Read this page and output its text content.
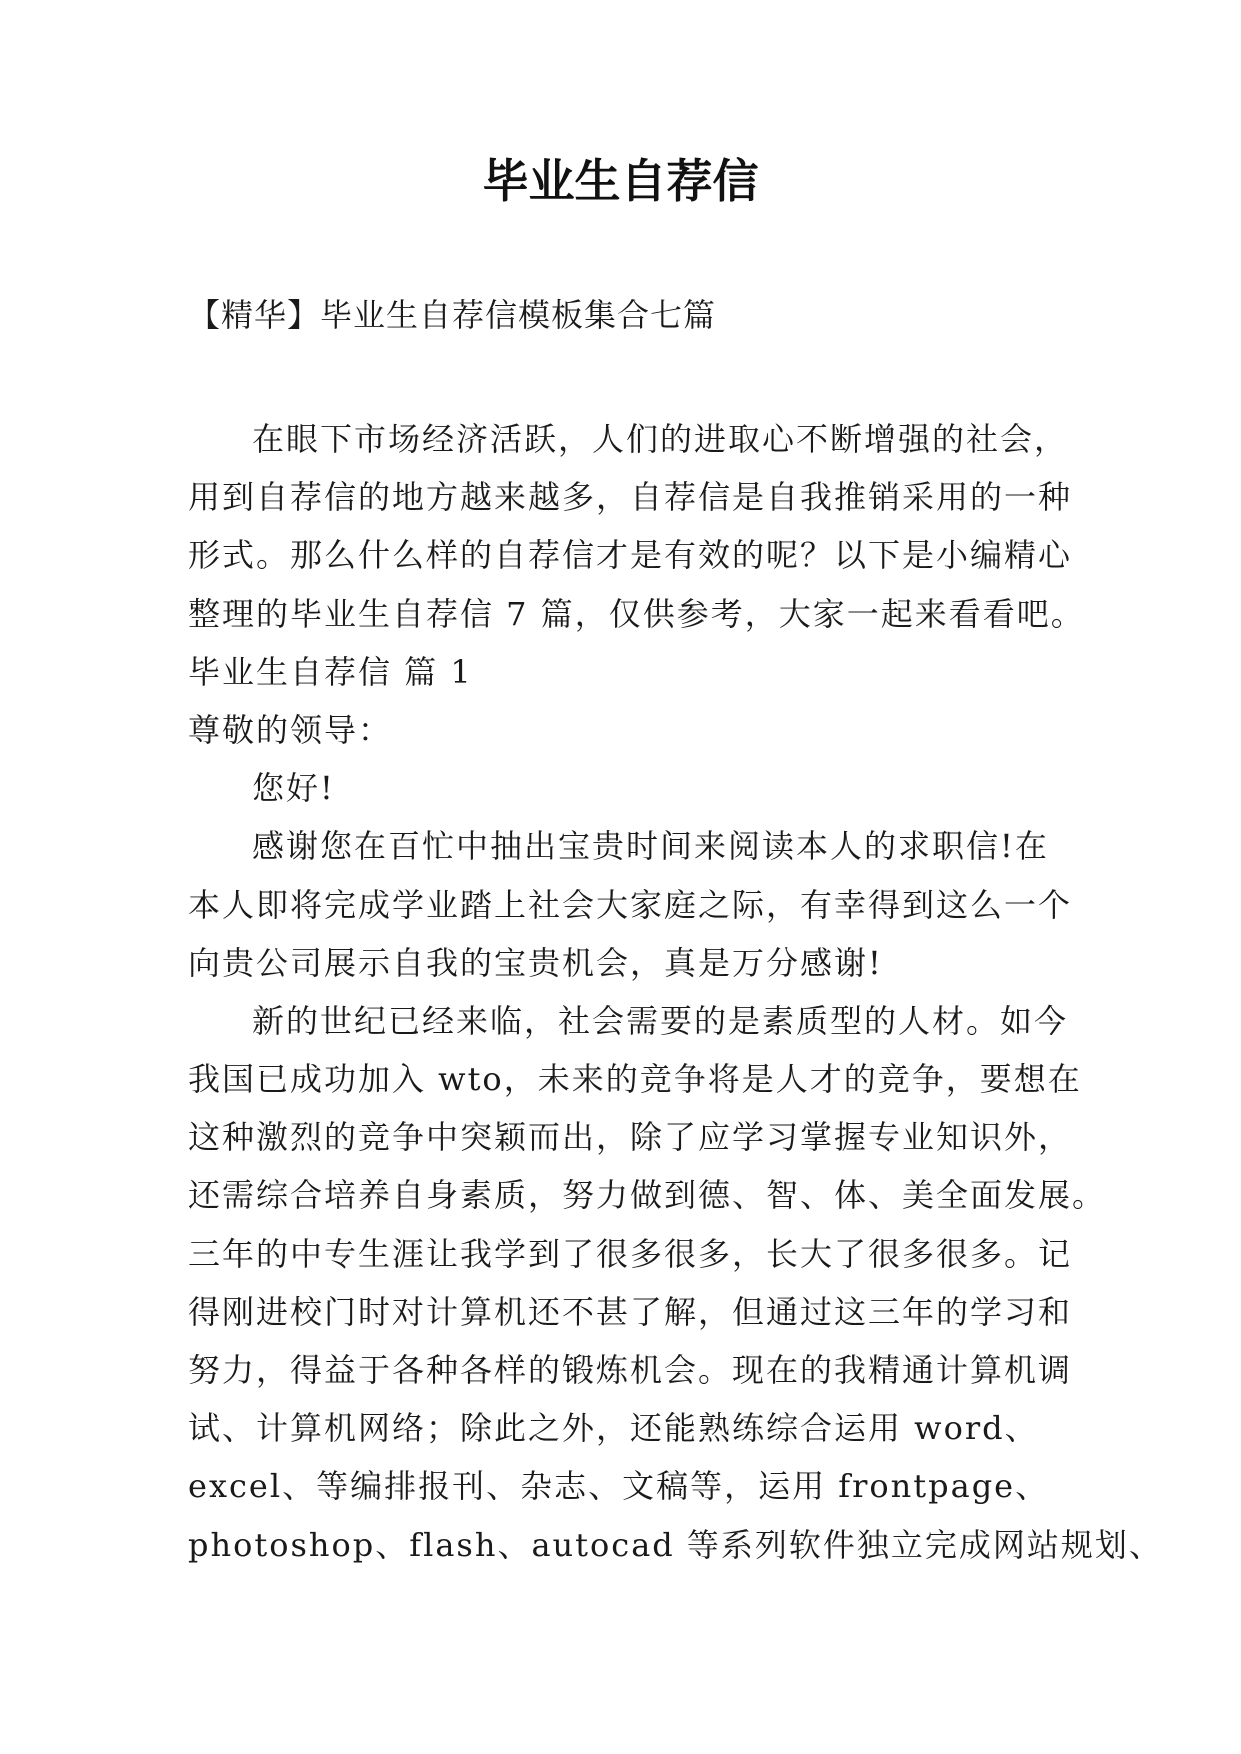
毕业生自荐信
【精华】毕业生自荐信模板集合七篇
在眼下市场经济活跃，人们的进取心不断增强的社会，
用到自荐信的地方越来越多，自荐信是自我推销采用的一种
形式。那么什么样的自荐信才是有效的呢？以下是小编精心
整理的毕业生自荐信 7 篇，仅供参考，大家一起来看看吧。
毕业生自荐信 篇 1
尊敬的领导：
您好!
感谢您在百忙中抽出宝贵时间来阅读本人的求职信!在
本人即将完成学业踏上社会大家庭之际，有幸得到这么一个
向贵公司展示自我的宝贵机会，真是万分感谢!
新的世纪已经来临，社会需要的是素质型的人材。如今
我国已成功加入 wto，未来的竞争将是人才的竞争，要想在
这种激烈的竞争中突颖而出，除了应学习掌握专业知识外，
还需综合培养自身素质，努力做到德、智、体、美全面发展。
三年的中专生涯让我学到了很多很多，长大了很多很多。记
得刚进校门时对计算机还不甚了解，但通过这三年的学习和
努力，得益于各种各样的锻炼机会。现在的我精通计算机调
试、计算机网络；除此之外，还能熟练综合运用 word、
excel、等编排报刊、杂志、文稿等，运用 frontpage、
photoshop、flash、autocad 等系列软件独立完成网站规划、
